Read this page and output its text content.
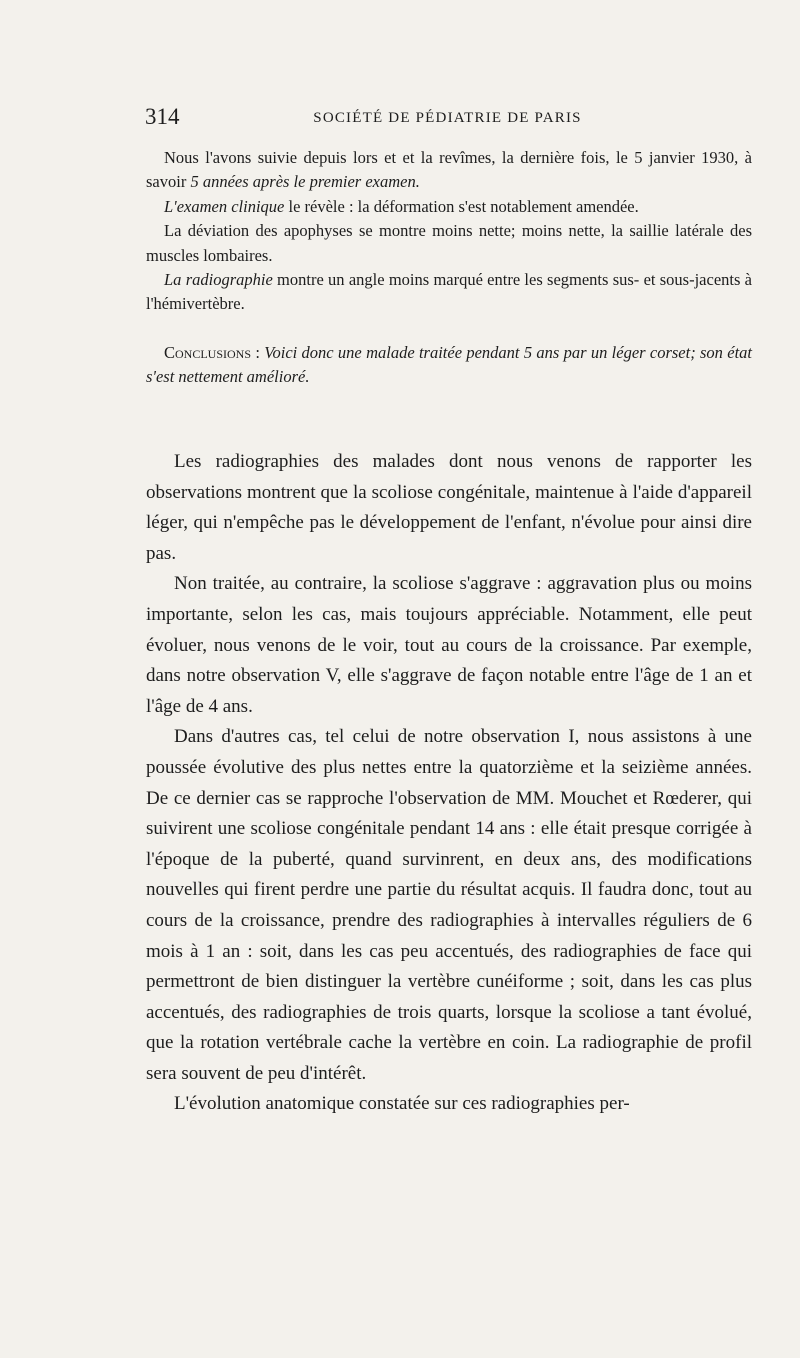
314	SOCIÉTÉ DE PÉDIATRIE DE PARIS

Nous l'avons suivie depuis lors et et la revîmes, la dernière fois, le 5 janvier 1930, à savoir 5 années après le premier examen.

L'examen clinique le révèle : la déformation s'est notablement amendée.

La déviation des apophyses se montre moins nette; moins nette, la saillie latérale des muscles lombaires.

La radiographie montre un angle moins marqué entre les segments sus- et sous-jacents à l'hémivertèbre.

Conclusions : Voici donc une malade traitée pendant 5 ans par un léger corset; son état s'est nettement amélioré.

Les radiographies des malades dont nous venons de rapporter les observations montrent que la scoliose congénitale, maintenue à l'aide d'appareil léger, qui n'empêche pas le développement de l'enfant, n'évolue pour ainsi dire pas.

Non traitée, au contraire, la scoliose s'aggrave : aggravation plus ou moins importante, selon les cas, mais toujours appréciable. Notamment, elle peut évoluer, nous venons de le voir, tout au cours de la croissance. Par exemple, dans notre observation V, elle s'aggrave de façon notable entre l'âge de 1 an et l'âge de 4 ans.

Dans d'autres cas, tel celui de notre observation I, nous assistons à une poussée évolutive des plus nettes entre la quatorzième et la seizième années. De ce dernier cas se rapproche l'observation de MM. Mouchet et Rœderer, qui suivirent une scoliose congénitale pendant 14 ans : elle était presque corrigée à l'époque de la puberté, quand survinrent, en deux ans, des modifications nouvelles qui firent perdre une partie du résultat acquis. Il faudra donc, tout au cours de la croissance, prendre des radiographies à intervalles réguliers de 6 mois à 1 an : soit, dans les cas peu accentués, des radiographies de face qui permettront de bien distinguer la vertèbre cunéiforme ; soit, dans les cas plus accentués, des radiographies de trois quarts, lorsque la scoliose a tant évolué, que la rotation vertébrale cache la vertèbre en coin. La radiographie de profil sera souvent de peu d'intérêt.

L'évolution anatomique constatée sur ces radiographies per-
